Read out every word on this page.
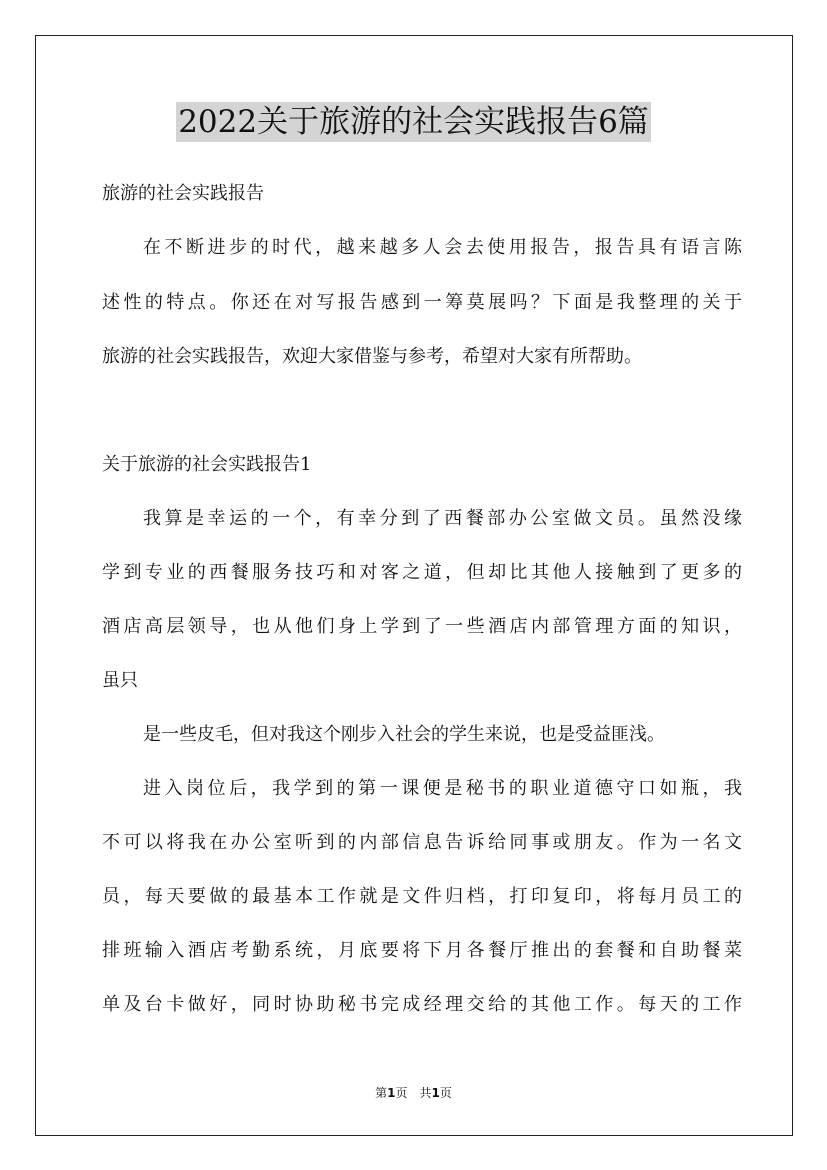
2022关于旅游的社会实践报告6篇
旅游的社会实践报告
在不断进步的时代，越来越多人会去使用报告，报告具有语言陈
述性的特点。你还在对写报告感到一筹莫展吗？下面是我整理的关于
旅游的社会实践报告，欢迎大家借鉴与参考，希望对大家有所帮助。
关于旅游的社会实践报告1
我算是幸运的一个，有幸分到了西餐部办公室做文员。虽然没缘
学到专业的西餐服务技巧和对客之道，但却比其他人接触到了更多的
酒店高层领导，也从他们身上学到了一些酒店内部管理方面的知识，
虽只
是一些皮毛，但对我这个刚步入社会的学生来说，也是受益匪浅。
进入岗位后，我学到的第一课便是秘书的职业道德守口如瓶，我
不可以将我在办公室听到的内部信息告诉给同事或朋友。作为一名文
员，每天要做的最基本工作就是文件归档，打印复印，将每月员工的
排班输入酒店考勤系统，月底要将下月各餐厅推出的套餐和自助餐菜
单及台卡做好，同时协助秘书完成经理交给的其他工作。每天的工作
第1页　共1页
